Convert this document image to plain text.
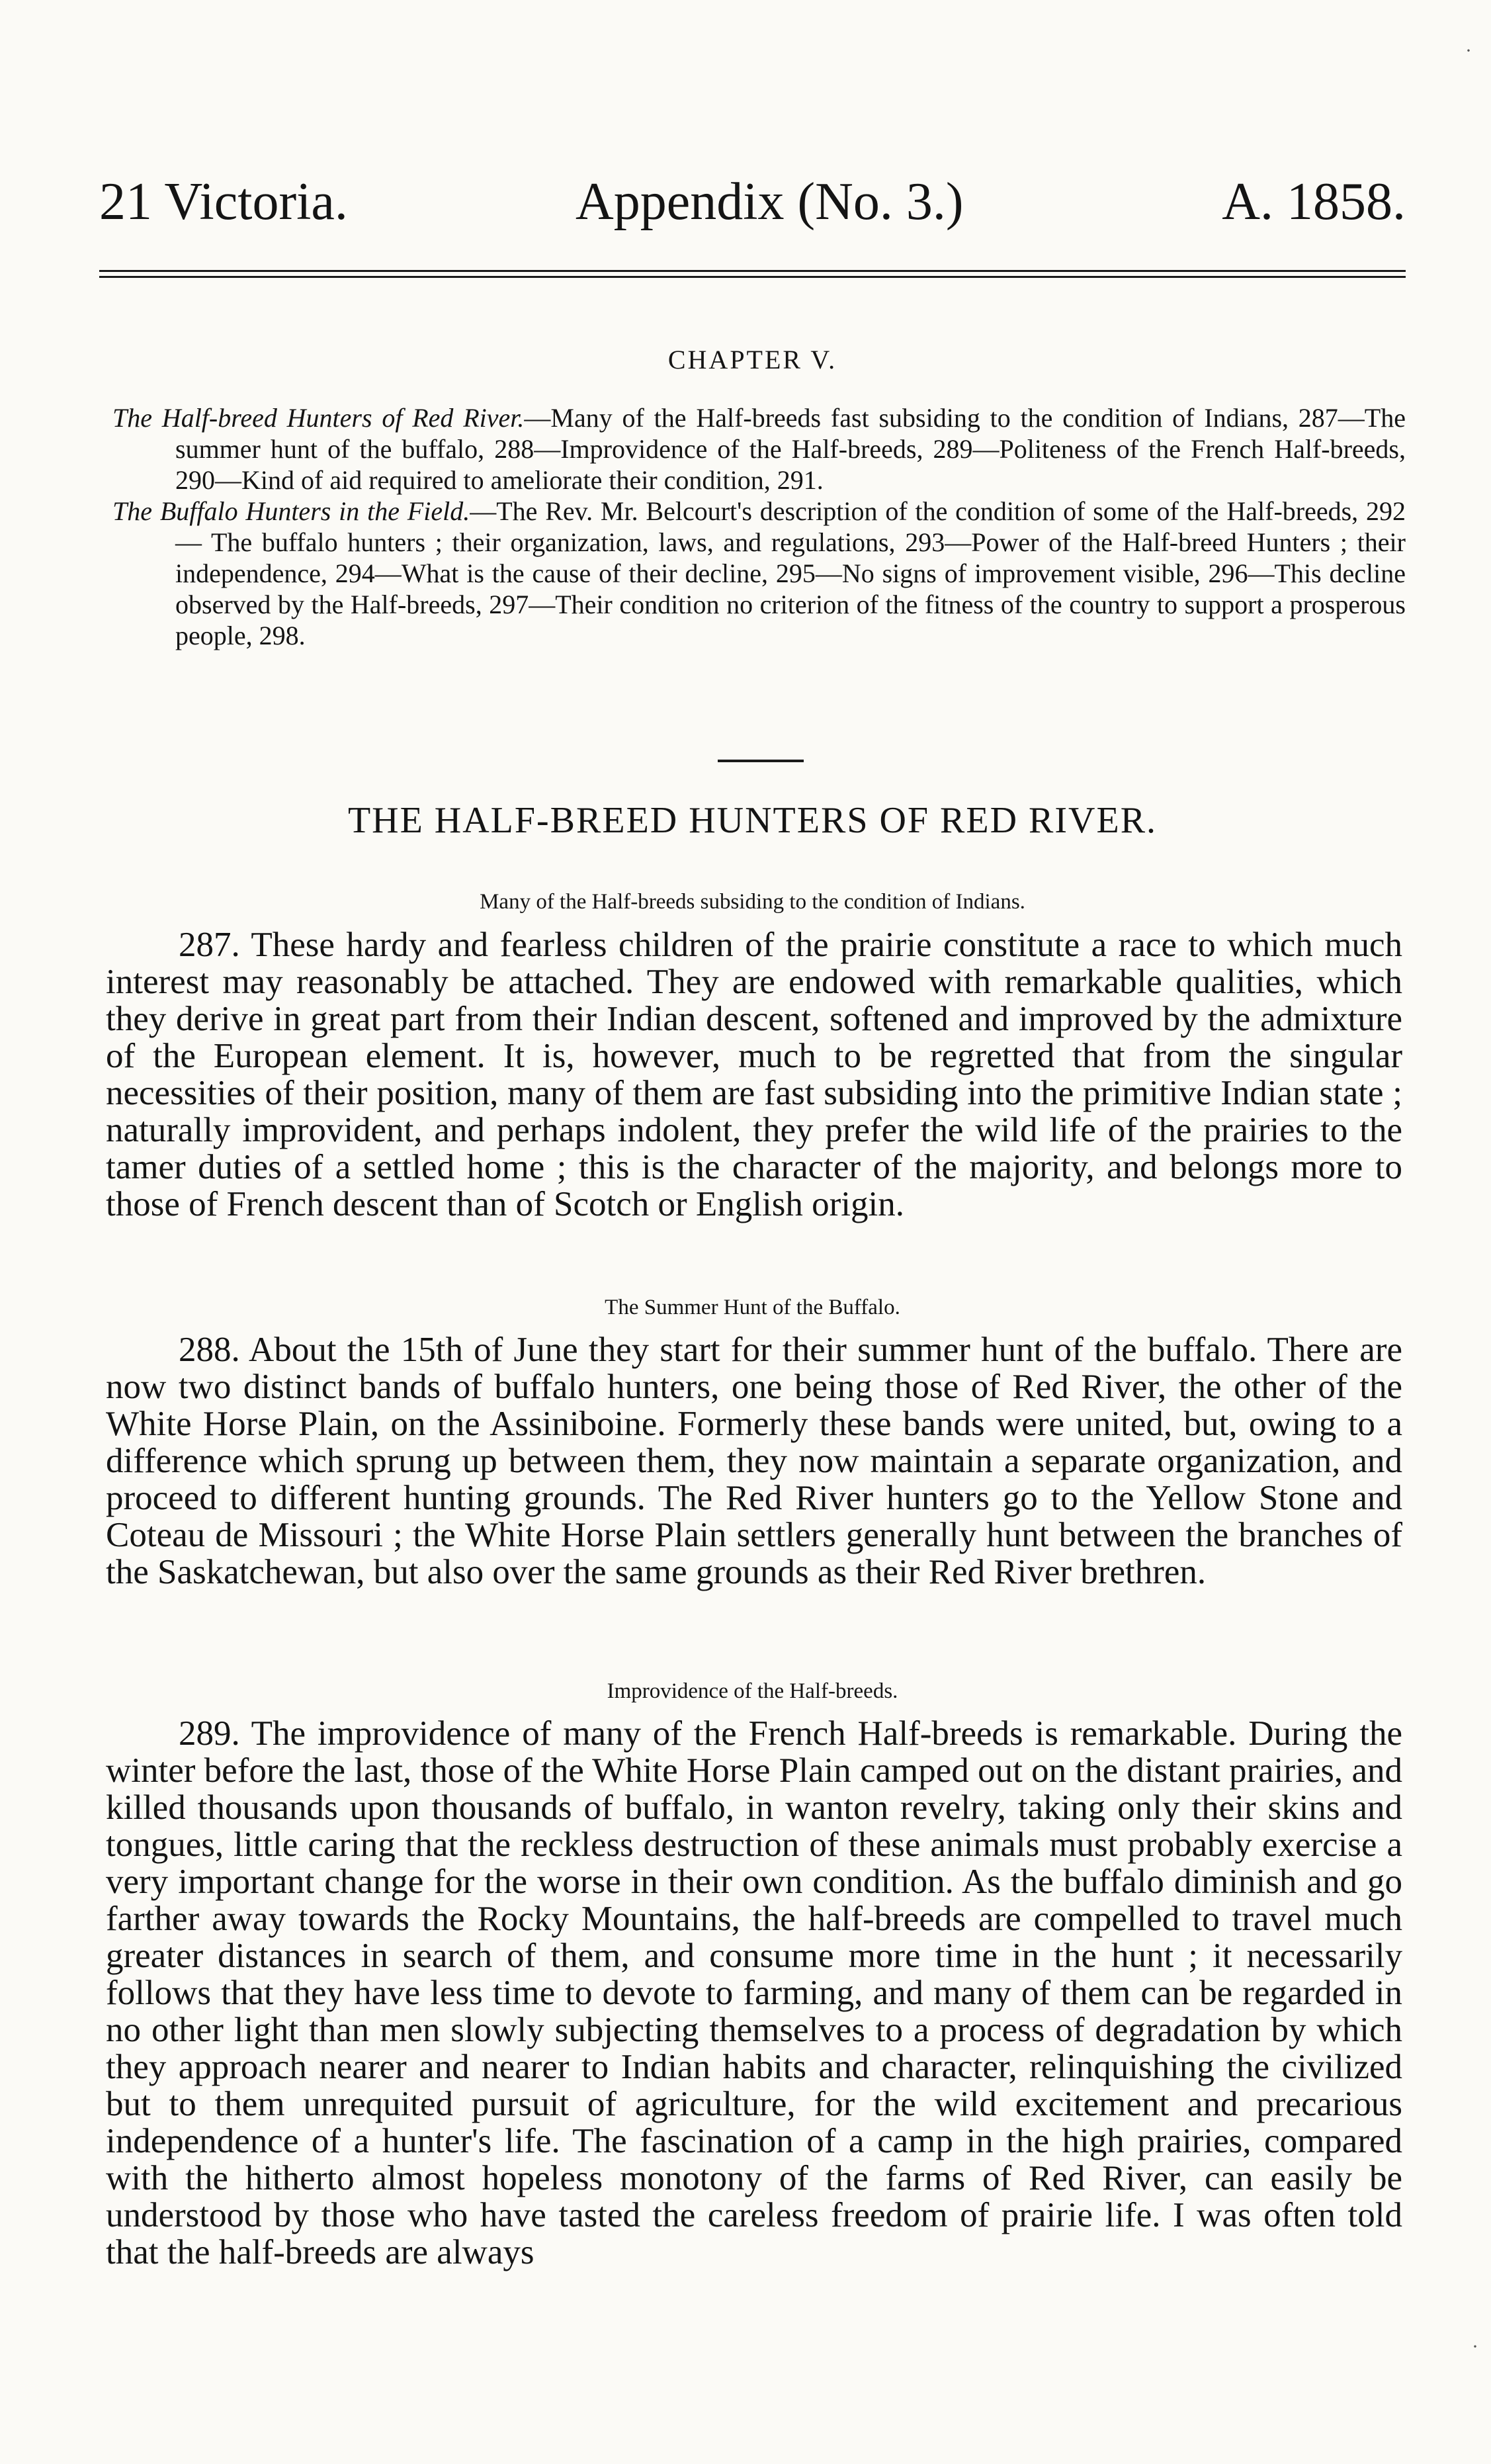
21 Victoria.	Appendix (No. 3.)	A. 1858.
CHAPTER V.

The Half-breed Hunters of Red River.—Many of the Half-breeds fast subsiding to the condition of Indians, 287—The summer hunt of the buffalo, 288—Improvidence of the Half-breeds, 289—Politeness of the French Half-breeds, 290—Kind of aid required to ameliorate their condition, 291.

The Buffalo Hunters in the Field.—The Rev. Mr. Belcourt's description of the condition of some of the Half-breeds, 292 — The buffalo hunters ; their organization, laws, and regulations, 293—Power of the Half-breed Hunters ; their independence, 294—What is the cause of their decline, 295—No signs of improvement visible, 296—This decline observed by the Half-breeds, 297—Their condition no criterion of the fitness of the country to support a prosperous people, 298.

THE HALF-BREED HUNTERS OF RED RIVER.
Many of the Half-breeds subsiding to the condition of Indians.

287. These hardy and fearless children of the prairie constitute a race to which much interest may reasonably be attached. They are endowed with remarkable qualities, which they derive in great part from their Indian descent, softened and improved by the admixture of the European element. It is, however, much to be regretted that from the singular necessities of their position, many of them are fast subsiding into the primitive Indian state ; naturally improvident, and perhaps indolent, they prefer the wild life of the prairies to the tamer duties of a settled home ; this is the character of the majority, and belongs more to those of French descent than of Scotch or English origin.

The Summer Hunt of the Buffalo.

288. About the 15th of June they start for their summer hunt of the buffalo. There are now two distinct bands of buffalo hunters, one being those of Red River, the other of the White Horse Plain, on the Assiniboine. Formerly these bands were united, but, owing to a difference which sprung up between them, they now maintain a separate organization, and proceed to different hunting grounds. The Red River hunters go to the Yellow Stone and Coteau de Missouri ; the White Horse Plain settlers generally hunt between the branches of the Saskatchewan, but also over the same grounds as their Red River brethren.

Improvidence of the Half-breeds.

289. The improvidence of many of the French Half-breeds is remarkable. During the winter before the last, those of the White Horse Plain camped out on the distant prairies, and killed thousands upon thousands of buffalo, in wanton revelry, taking only their skins and tongues, little caring that the reckless destruction of these animals must probably exercise a very important change for the worse in their own condition. As the buffalo diminish and go farther away towards the Rocky Mountains, the half-breeds are compelled to travel much greater distances in search of them, and consume more time in the hunt ; it necessarily follows that they have less time to devote to farming, and many of them can be regarded in no other light than men slowly subjecting themselves to a process of degradation by which they approach nearer and nearer to Indian habits and character, relinquishing the civilized but to them unrequited pursuit of agriculture, for the wild excitement and precarious independence of a hunter's life. The fascination of a camp in the high prairies, compared with the hitherto almost hopeless monotony of the farms of Red River, can easily be understood by those who have tasted the careless freedom of prairie life. I was often told that the half-breeds are always

·
·
